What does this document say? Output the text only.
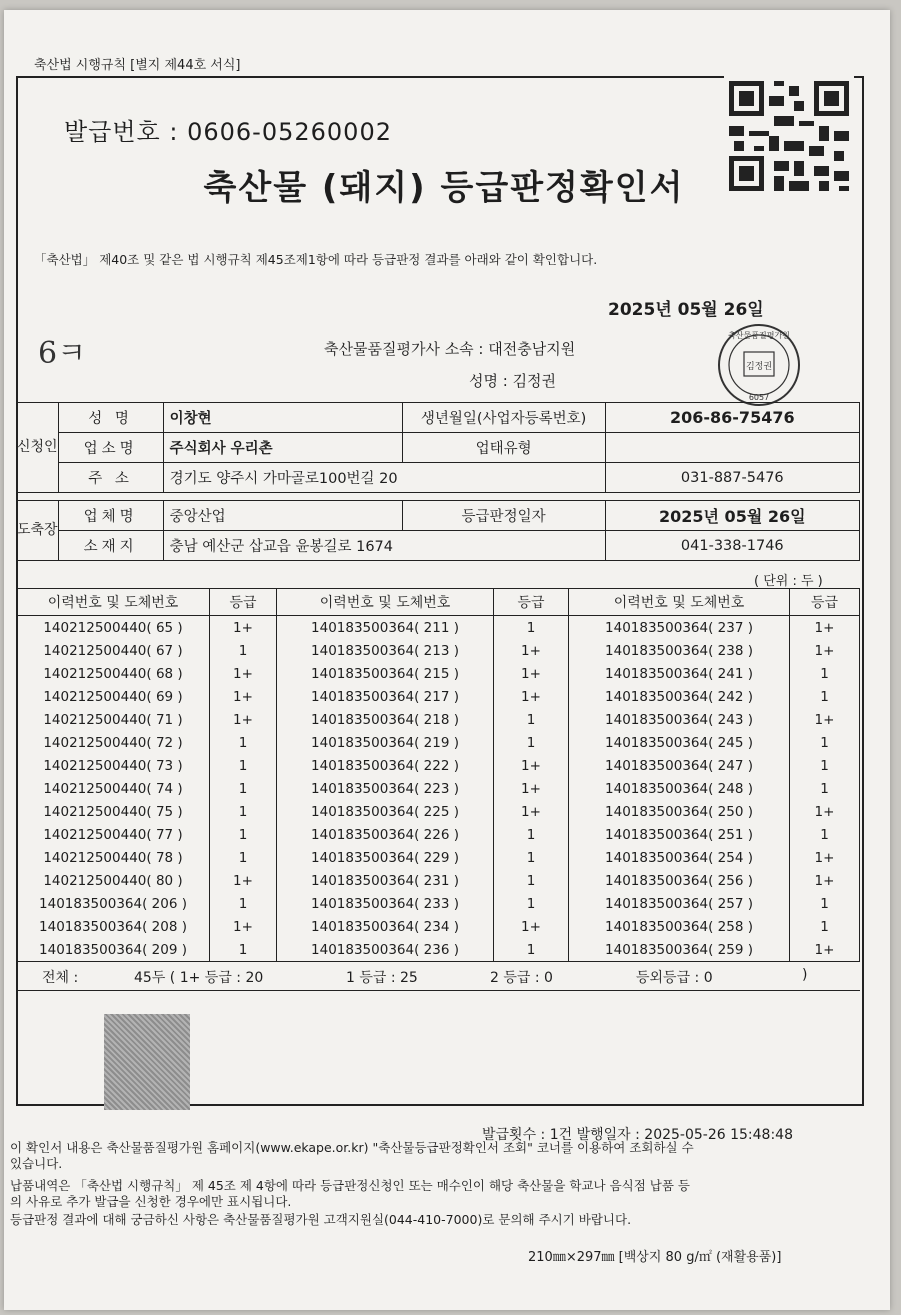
축산법 시행규칙 [별지 제44호 서식]
발급번호 : 0606-05260002
축산물 (돼지) 등급판정확인서
「축산법」 제40조 및 같은 법 시행규칙 제45조제1항에 따라 등급판정 결과를 아래와 같이 확인합니다.
2025년 05월 26일
6ㅋ	축산물품질평가사 소속 : 대전충남지원
성명 : 김정권
축산물품질평가원
김정권
6057
신청인	성 명	이창현	생년월일(사업자등록번호)	206-86-75476
	업소명	주식회사 우리촌	업태유형	
	주 소	경기도 양주시 가마골로100번길 20		031-887-5476
도축장	업체명	중앙산업	등급판정일자	2025년 05월 26일
	소재지	충남 예산군 삽교읍 윤봉길로 1674		041-338-1746
( 단위 : 두 )
이력번호 및 도체번호	등급	이력번호 및 도체번호	등급	이력번호 및 도체번호	등급
140212500440( 65 )	1+	140183500364( 211 )	1	140183500364( 237 )	1+
140212500440( 67 )	1	140183500364( 213 )	1+	140183500364( 238 )	1+
140212500440( 68 )	1+	140183500364( 215 )	1+	140183500364( 241 )	1
140212500440( 69 )	1+	140183500364( 217 )	1+	140183500364( 242 )	1
140212500440( 71 )	1+	140183500364( 218 )	1	140183500364( 243 )	1+
140212500440( 72 )	1	140183500364( 219 )	1	140183500364( 245 )	1
140212500440( 73 )	1	140183500364( 222 )	1+	140183500364( 247 )	1
140212500440( 74 )	1	140183500364( 223 )	1+	140183500364( 248 )	1
140212500440( 75 )	1	140183500364( 225 )	1+	140183500364( 250 )	1+
140212500440( 77 )	1	140183500364( 226 )	1	140183500364( 251 )	1
140212500440( 78 )	1	140183500364( 229 )	1	140183500364( 254 )	1+
140212500440( 80 )	1+	140183500364( 231 )	1	140183500364( 256 )	1+
140183500364( 206 )	1	140183500364( 233 )	1	140183500364( 257 )	1
140183500364( 208 )	1+	140183500364( 234 )	1+	140183500364( 258 )	1
140183500364( 209 )	1	140183500364( 236 )	1	140183500364( 259 )	1+
전체 :	45두 ( 1+ 등급 : 20	1 등급 : 25	2 등급 : 0	등외등급 : 0	)
발급횟수 : 1건 발행일자 : 2025-05-26 15:48:48
이 확인서 내용은 축산물품질평가원 홈페이지(www.ekape.or.kr) "축산물등급판정확인서 조회" 코너를 이용하여 조회하실 수
있습니다.
납품내역은 「축산법 시행규칙」 제 45조 제 4항에 따라 등급판정신청인 또는 매수인이 해당 축산물을 학교나 음식점 납품 등
의 사유로 추가 발급을 신청한 경우에만 표시됩니다.
등급판정 결과에 대해 궁금하신 사항은 축산물품질평가원 고객지원실(044-410-7000)로 문의해 주시기 바랍니다.
210㎜×297㎜ [백상지 80 g/㎡ (재활용품)]
